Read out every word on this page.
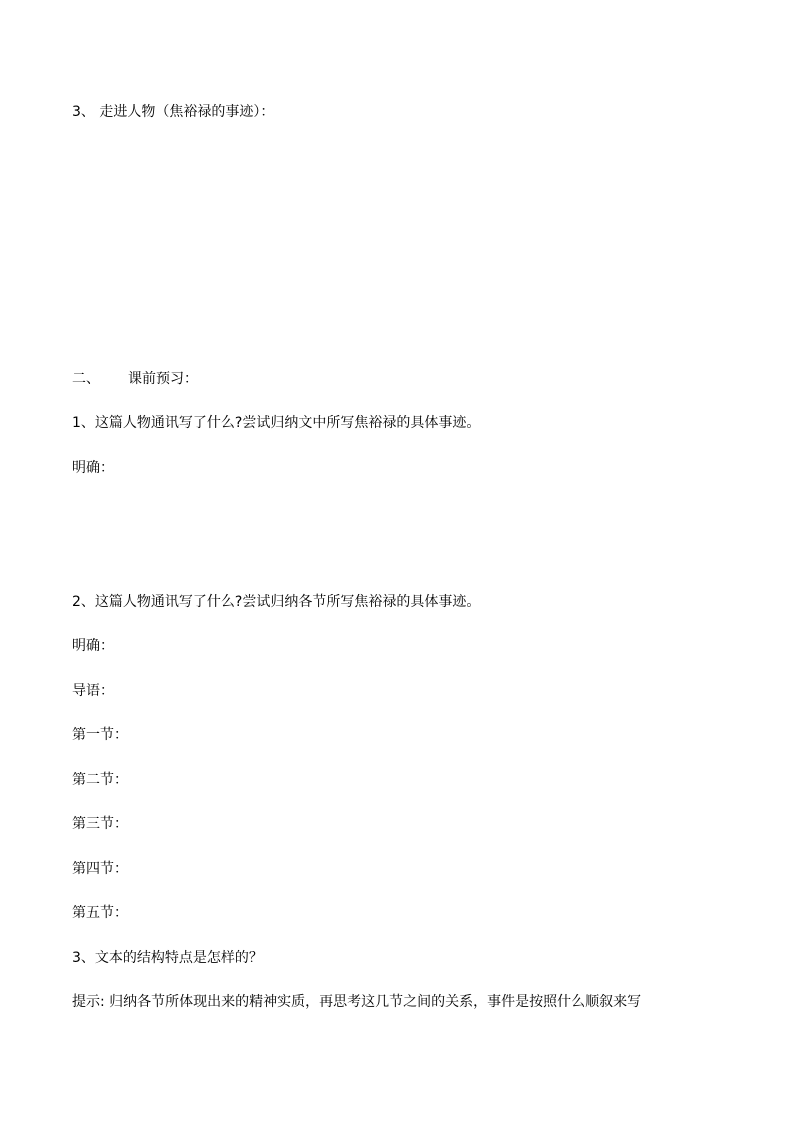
3、 走进人物（焦裕禄的事迹）：
二、 课前预习：
1、这篇人物通讯写了什么?尝试归纳文中所写焦裕禄的具体事迹。
明确：
2、这篇人物通讯写了什么?尝试归纳各节所写焦裕禄的具体事迹。
明确：
导语：
第一节：
第二节：
第三节：
第四节：
第五节：
3、文本的结构特点是怎样的？
提示: 归纳各节所体现出来的精神实质，再思考这几节之间的关系，事件是按照什么顺叙来写
